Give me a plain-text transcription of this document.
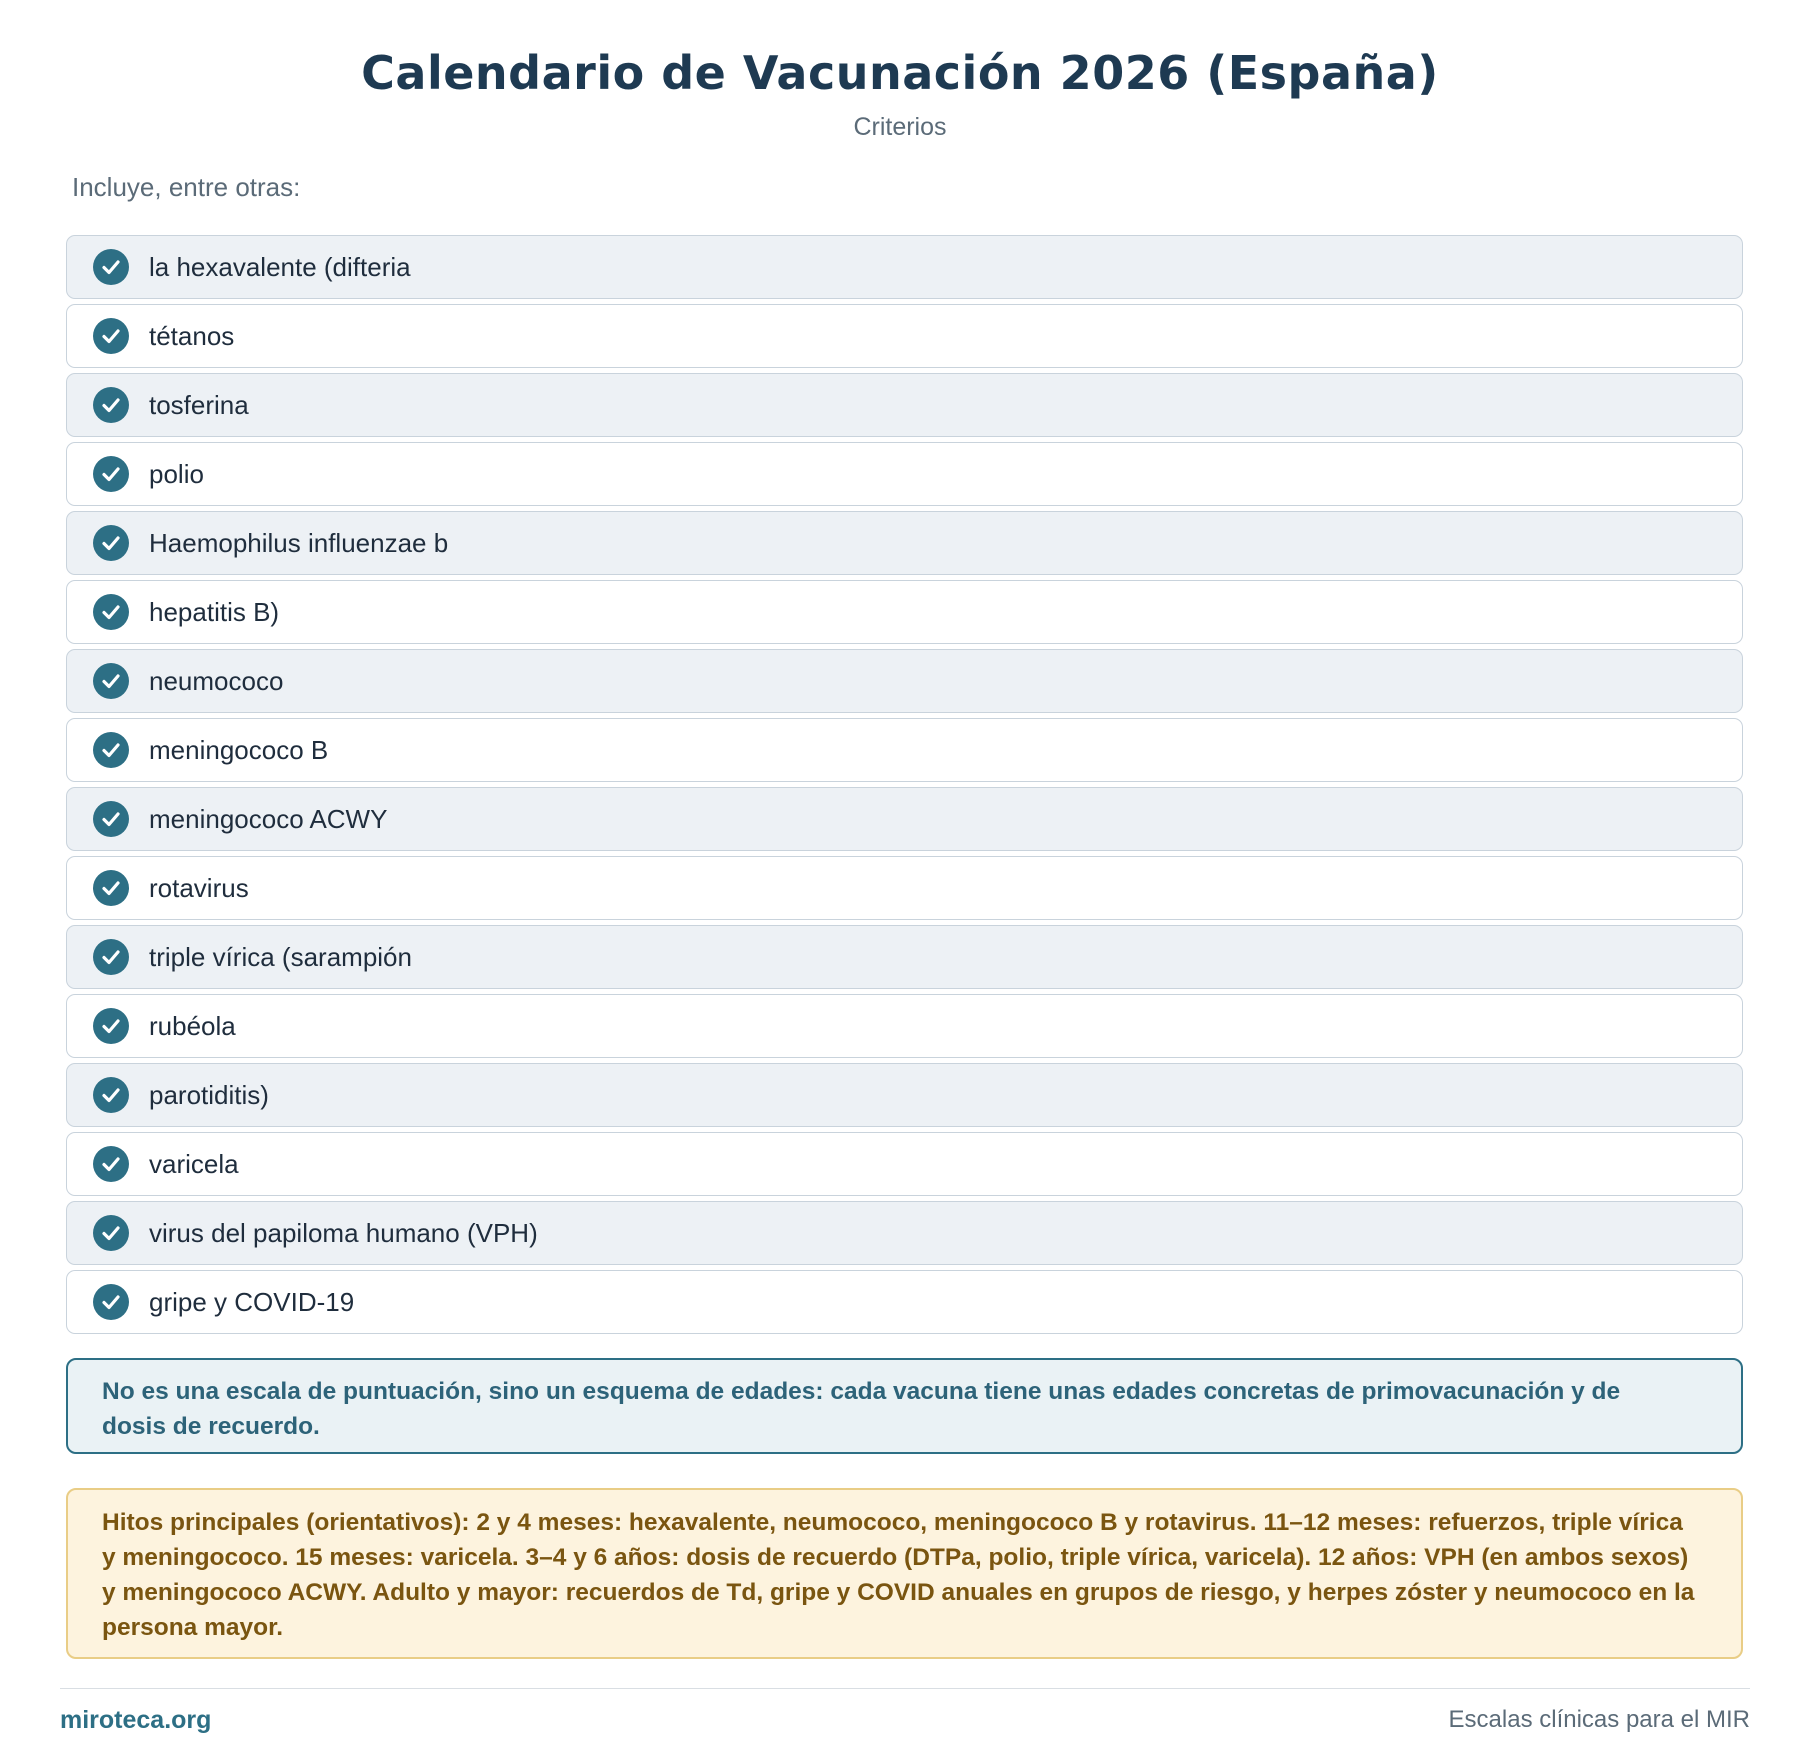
Calendario de Vacunación 2026 (España)
Criterios
Incluye, entre otras:
la hexavalente (difteria
tétanos
tosferina
polio
Haemophilus influenzae b
hepatitis B)
neumococo
meningococo B
meningococo ACWY
rotavirus
triple vírica (sarampión
rubéola
parotiditis)
varicela
virus del papiloma humano (VPH)
gripe y COVID-19
No es una escala de puntuación, sino un esquema de edades: cada vacuna tiene unas edades concretas de primovacunación y de dosis de recuerdo.
Hitos principales (orientativos): 2 y 4 meses: hexavalente, neumococo, meningococo B y rotavirus. 11–12 meses: refuerzos, triple vírica y meningococo. 15 meses: varicela. 3–4 y 6 años: dosis de recuerdo (DTPa, polio, triple vírica, varicela). 12 años: VPH (en ambos sexos) y meningococo ACWY. Adulto y mayor: recuerdos de Td, gripe y COVID anuales en grupos de riesgo, y herpes zóster y neumococo en la persona mayor.
miroteca.org	Escalas clínicas para el MIR
